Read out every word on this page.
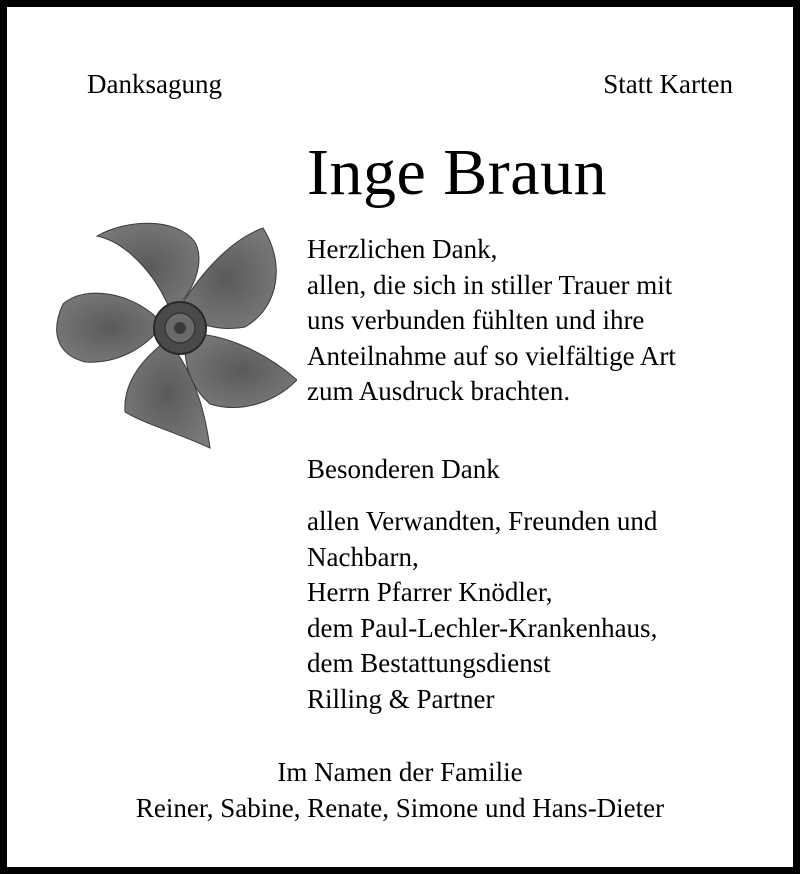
Danksagung	Statt Karten

Inge Braun

Herzlichen Dank,
allen, die sich in stiller Trauer mit
uns verbunden fühlten und ihre
Anteilnahme auf so vielfältige Art
zum Ausdruck brachten.

Besonderen Dank

allen Verwandten, Freunden und
Nachbarn,
Herrn Pfarrer Knödler,
dem Paul-Lechler-Krankenhaus,
dem Bestattungsdienst
Rilling & Partner

Im Namen der Familie

Reiner, Sabine, Renate, Simone und Hans-Dieter
